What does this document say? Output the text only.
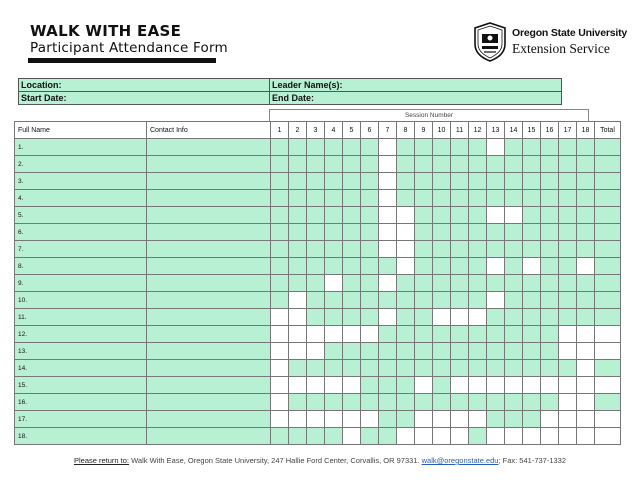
WALK WITH EASE
Participant Attendance Form
Oregon State University
Extension Service
Location:	Leader Name(s):
Start Date:	End Date:
Session Number
Full Name	Contact Info	1	2	3	4	5	6	7	8	9	10	11	12	13	14	15	16	17	18	Total
1.																				
2.																				
3.																				
4.																				
5.																				
6.																				
7.																				
8.																				
9.																				
10.																				
11.																				
12.																				
13.																				
14.																				
15.																				
16.																				
17.																				
18.																				
Please return to: Walk With Ease, Oregon State University, 247 Hallie Ford Center, Corvallis, OR 97331. walk@oregonstate.edu; Fax: 541-737-1332
